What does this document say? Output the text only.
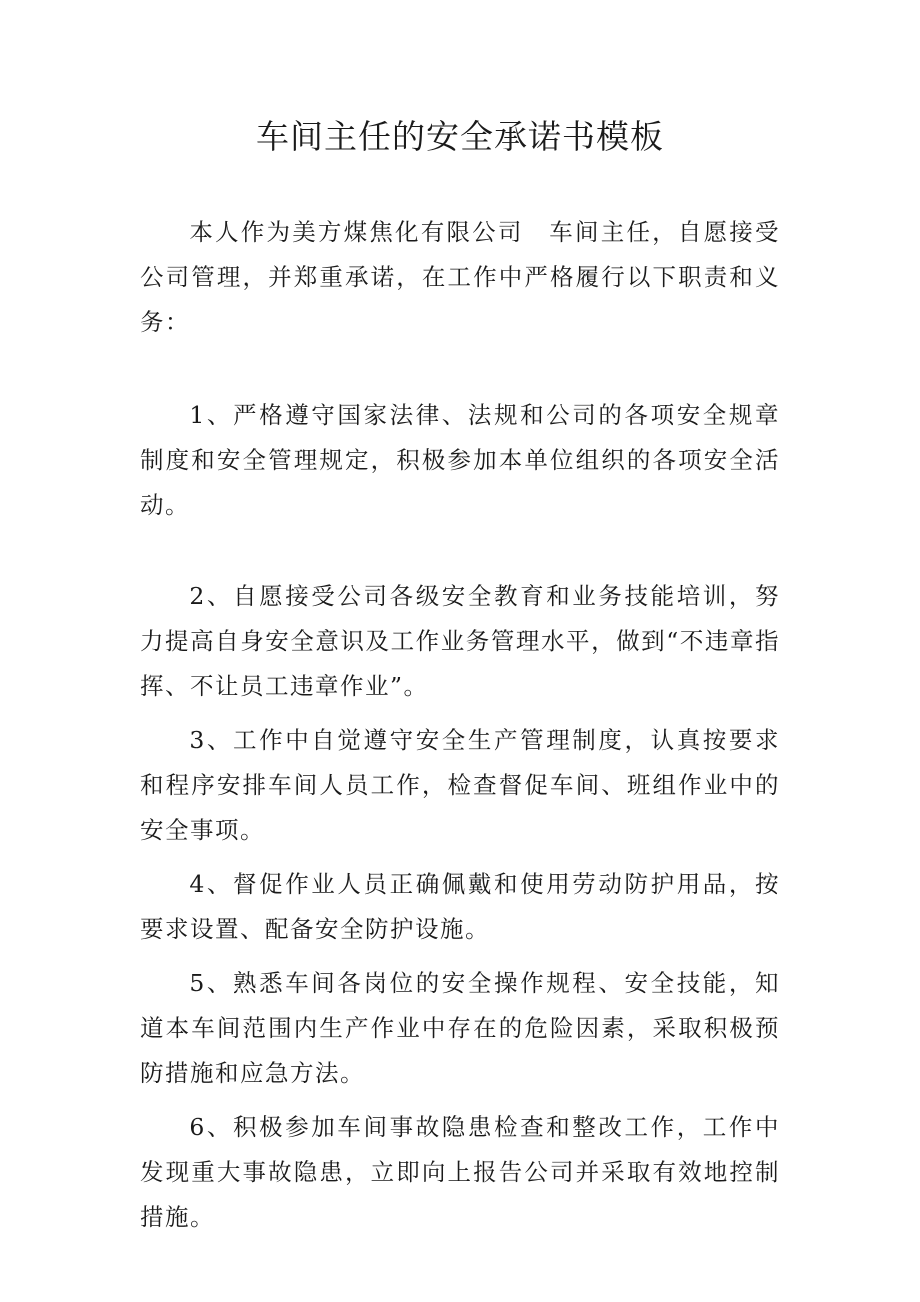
车间主任的安全承诺书模板

本人作为美方煤焦化有限公司　车间主任，自愿接受公司管理，并郑重承诺，在工作中严格履行以下职责和义务：

1、严格遵守国家法律、法规和公司的各项安全规章制度和安全管理规定，积极参加本单位组织的各项安全活动。

2、自愿接受公司各级安全教育和业务技能培训，努力提高自身安全意识及工作业务管理水平，做到“不违章指挥、不让员工违章作业”。

3、工作中自觉遵守安全生产管理制度，认真按要求和程序安排车间人员工作，检查督促车间、班组作业中的安全事项。

4、督促作业人员正确佩戴和使用劳动防护用品，按要求设置、配备安全防护设施。

5、熟悉车间各岗位的安全操作规程、安全技能，知道本车间范围内生产作业中存在的危险因素，采取积极预防措施和应急方法。

6、积极参加车间事故隐患检查和整改工作，工作中发现重大事故隐患，立即向上报告公司并采取有效地控制措施。
